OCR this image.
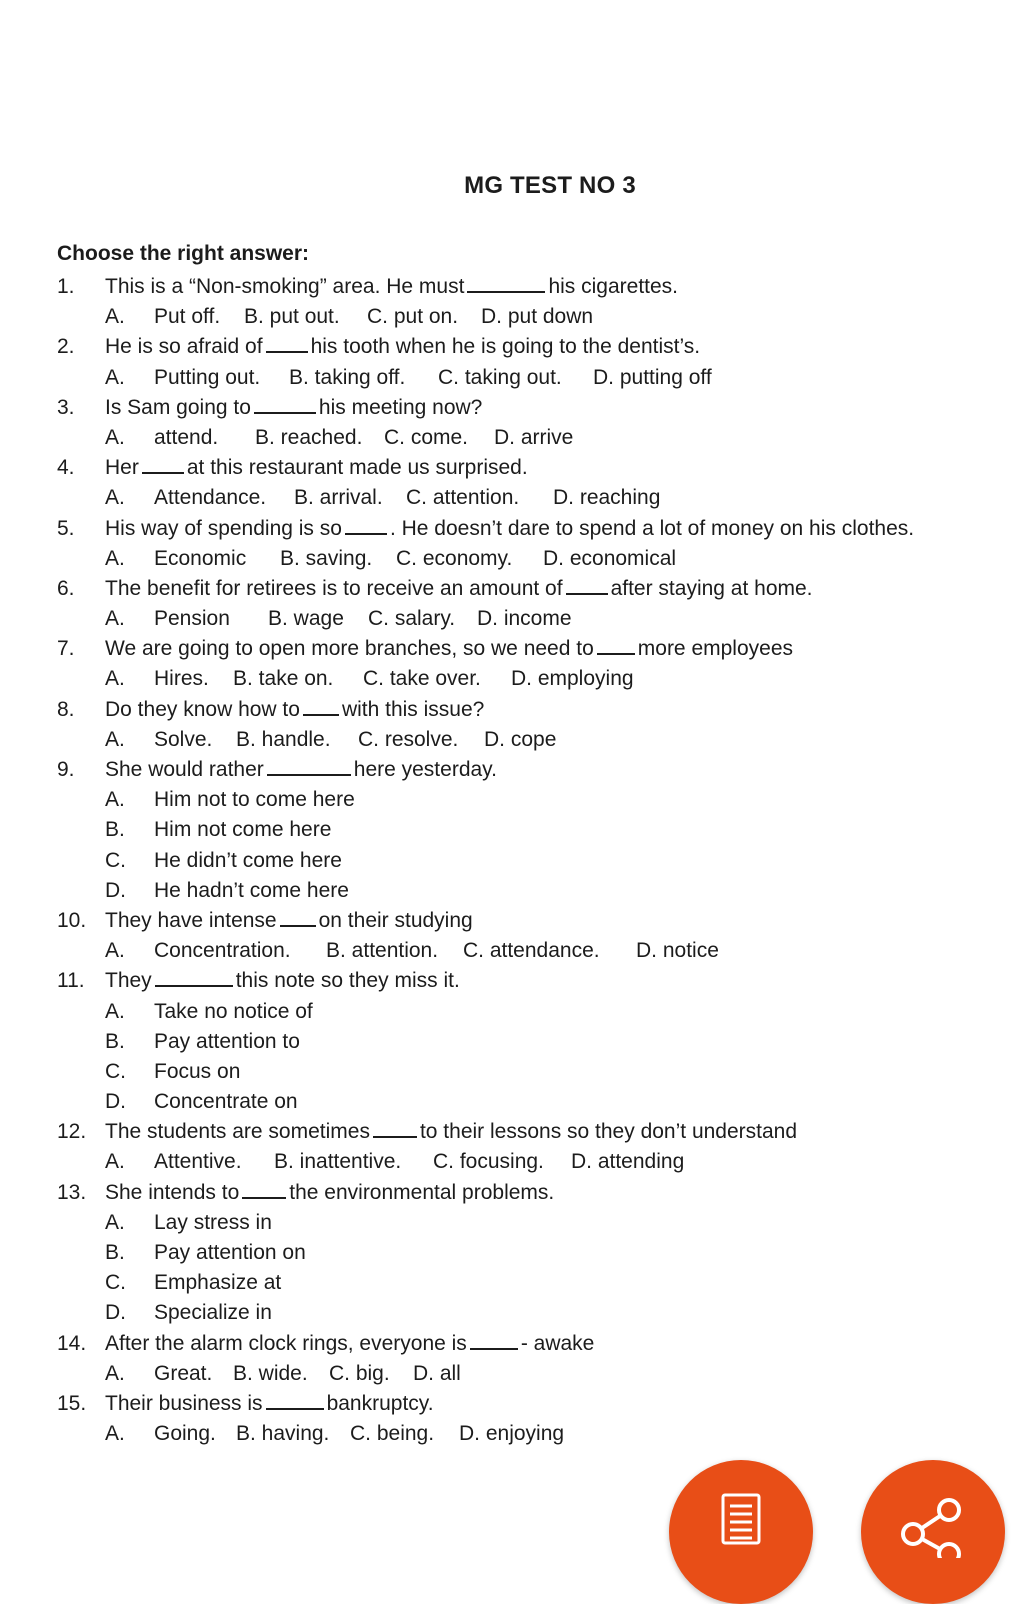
MG TEST NO 3
Choose the right answer:
1. This is a “Non-smoking” area. He must	his cigarettes.
A. Put off. B. put out. C. put on. D. put down
2. He is so afraid of his tooth when he is going to the dentist’s.
A. Putting out. B. taking off. C. taking out. D. putting off
3. Is Sam going to	his meeting now?
A. attend. B. reached. C. come. D. arrive
4. Her at this restaurant made us surprised.
A. Attendance. B. arrival. C. attention. D. reaching
5. His way of spending is so . He doesn’t dare to spend a lot of money on his clothes.
A. Economic B. saving. C. economy. D. economical
6. The benefit for retirees is to receive an amount of after staying at home.
A. Pension B. wage C. salary. D. income
7. We are going to open more branches, so we need to more employees
A. Hires. B. take on. C. take over. D. employing
8. Do they know how to with this issue?
A. Solve. B. handle. C. resolve. D. cope
9. She would rather	here yesterday.
A. Him not to come here
B. Him not come here
C. He didn’t come here
D. He hadn’t come here
10. They have intense on their studying
A. Concentration. B. attention. C. attendance. D. notice
11. They	this note so they miss it.
A. Take no notice of
B. Pay attention to
C. Focus on
D. Concentrate on
12. The students are sometimes to their lessons so they don’t understand
A. Attentive. B. inattentive. C. focusing. D. attending
13. She intends to the environmental problems.
A. Lay stress in
B. Pay attention on
C. Emphasize at
D. Specialize in
14. After the alarm clock rings, everyone is	- awake
A. Great. B. wide. C. big. D. all
15. Their business is	bankruptcy.
A. Going. B. having. C. being. D. enjoying
